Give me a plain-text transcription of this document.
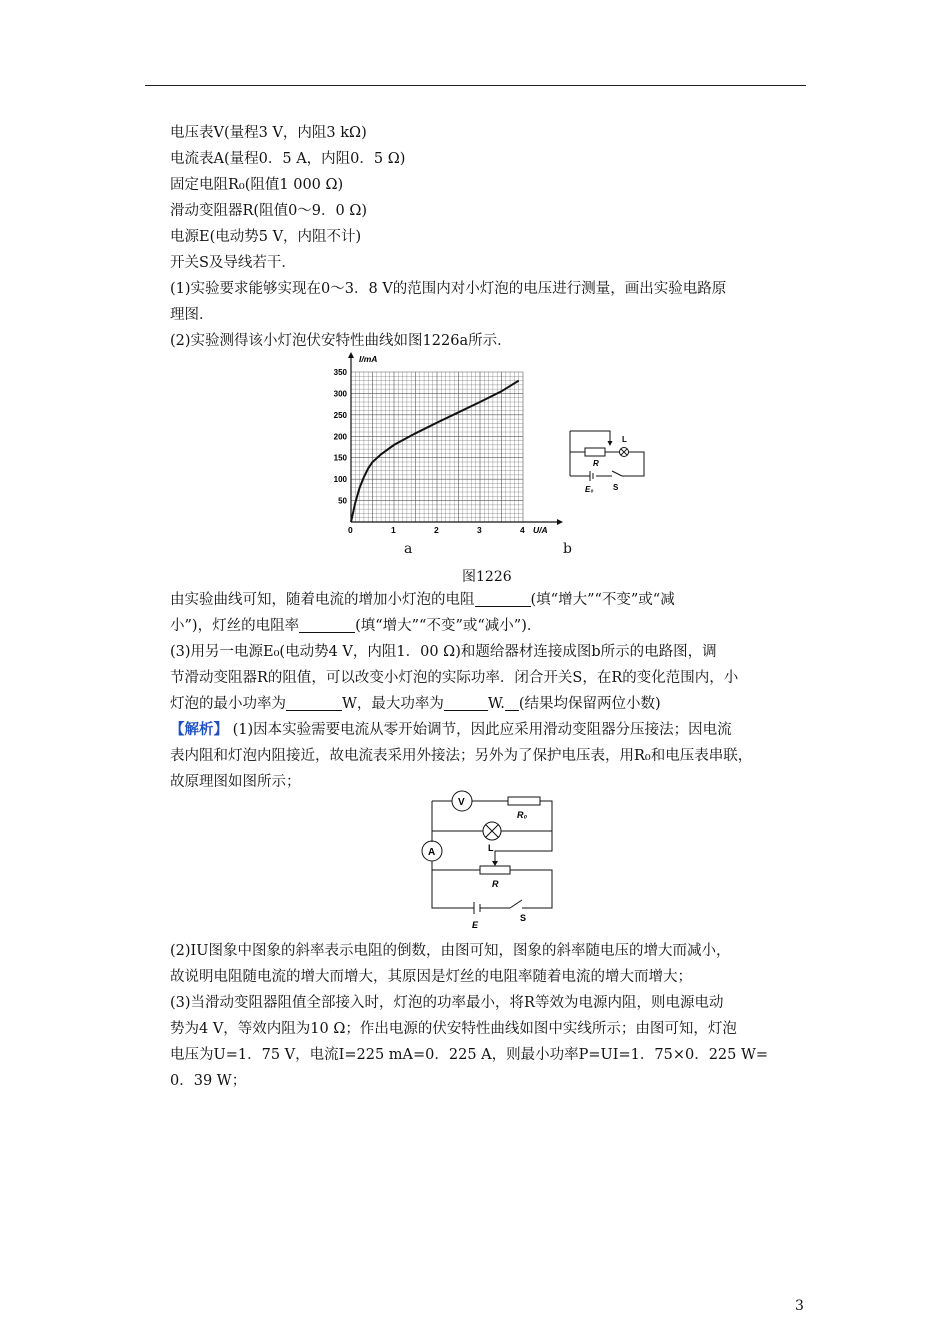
电压表V(量程3 V，内阻3 kΩ)
电流表A(量程0．5 A，内阻0．5 Ω)
固定电阻R₀(阻值1 000 Ω)
滑动变阻器R(阻值0～9．0 Ω)
电源E(电动势5 V，内阻不计)
开关S及导线若干．
(1)实验要求能够实现在0～3．8 V的范围内对小灯泡的电压进行测量，画出实验电路原
理图．
(2)实验测得该小灯泡伏安特性曲线如图1226a所示．
0	1	2	3	4
50
100
150
200
250
300
350
I/mA
U/A
R
L
E₀ S
a	b
图1226
由实验曲线可知，随着电流的增加小灯泡的电阻	(填“增大”“不变”或“减
小”)，灯丝的电阻率	(填“增大”“不变”或“减小”)．
(3)用另一电源E₀(电动势4 V，内阻1．00 Ω)和题给器材连接成图b所示的电路图，调
节滑动变阻器R的阻值，可以改变小灯泡的实际功率．闭合开关S，在R的变化范围内，小
灯泡的最小功率为	W，最大功率为	W. (结果均保留两位小数)
【解析】 (1)因本实验需要电流从零开始调节，因此应采用滑动变阻器分压接法；因电流
表内阻和灯泡内阻接近，故电流表采用外接法；另外为了保护电压表，用R₀和电压表串联，
故原理图如图所示；
V
A
R₀
L
R
E
S
(2)IU图象中图象的斜率表示电阻的倒数，由图可知，图象的斜率随电压的增大而减小，
故说明电阻随电流的增大而增大，其原因是灯丝的电阻率随着电流的增大而增大；
(3)当滑动变阻器阻值全部接入时，灯泡的功率最小，将R等效为电源内阻，则电源电动
势为4 V，等效内阻为10 Ω；作出电源的伏安特性曲线如图中实线所示；由图可知，灯泡
电压为U=1．75 V，电流I=225 mA=0．225 A，则最小功率P=UI=1．75×0．225 W=
0．39 W；
3
